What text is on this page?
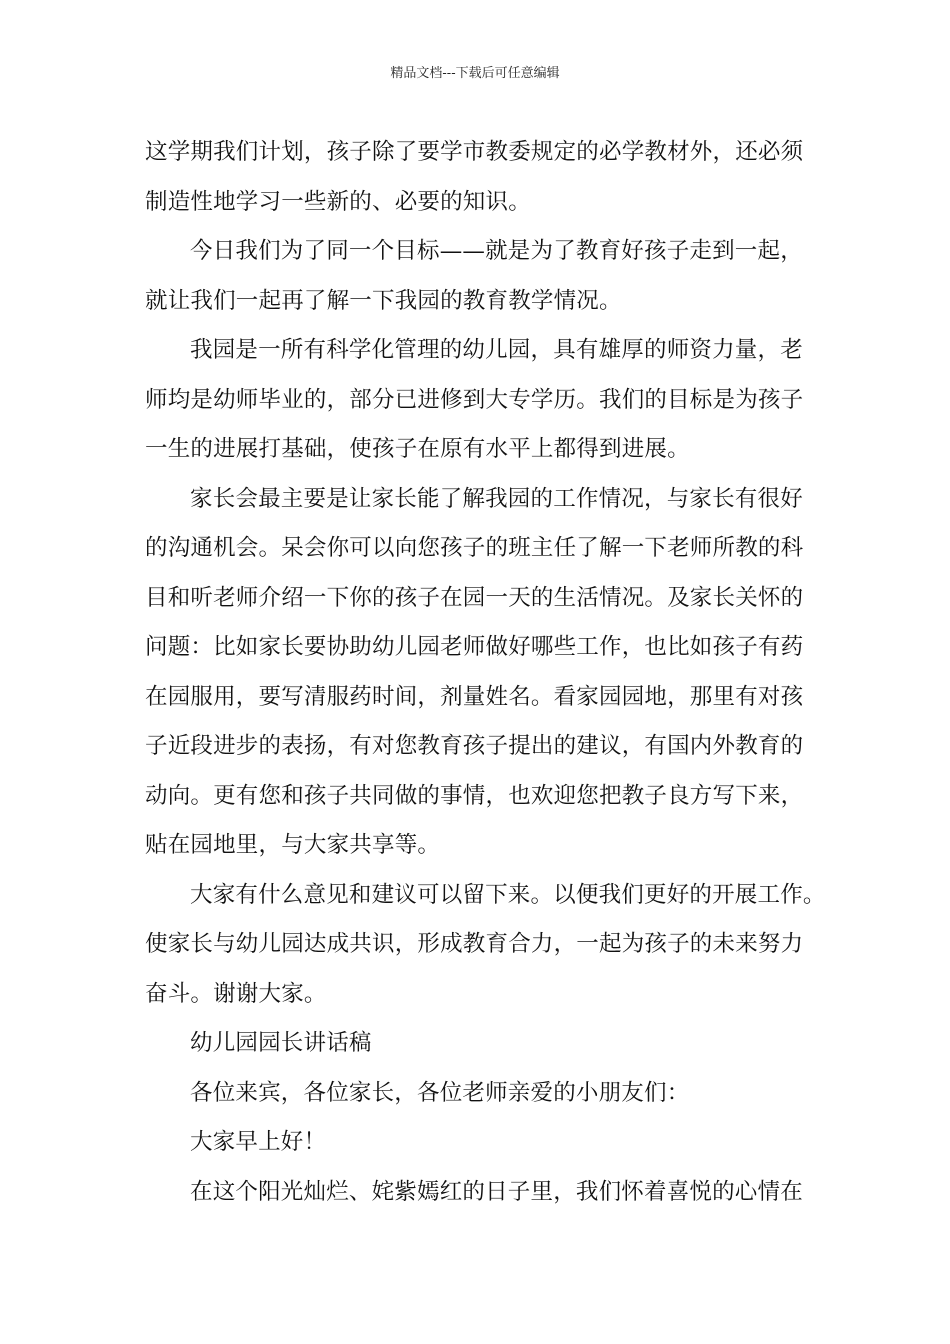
精品文档---下载后可任意编辑
这学期我们计划，孩子除了要学市教委规定的必学教材外，还必须
制造性地学习一些新的、必要的知识。
今日我们为了同一个目标——就是为了教育好孩子走到一起，
就让我们一起再了解一下我园的教育教学情况。
我园是一所有科学化管理的幼儿园，具有雄厚的师资力量，老
师均是幼师毕业的，部分已进修到大专学历。我们的目标是为孩子
一生的进展打基础，使孩子在原有水平上都得到进展。
家长会最主要是让家长能了解我园的工作情况，与家长有很好
的沟通机会。呆会你可以向您孩子的班主任了解一下老师所教的科
目和听老师介绍一下你的孩子在园一天的生活情况。及家长关怀的
问题：比如家长要协助幼儿园老师做好哪些工作，也比如孩子有药
在园服用，要写清服药时间，剂量姓名。看家园园地，那里有对孩
子近段进步的表扬，有对您教育孩子提出的建议，有国内外教育的
动向。更有您和孩子共同做的事情，也欢迎您把教子良方写下来，
贴在园地里，与大家共享等。
大家有什么意见和建议可以留下来。以便我们更好的开展工作。
使家长与幼儿园达成共识，形成教育合力，一起为孩子的未来努力
奋斗。谢谢大家。
幼儿园园长讲话稿
各位来宾，各位家长，各位老师亲爱的小朋友们：
大家早上好！
在这个阳光灿烂、姹紫嫣红的日子里，我们怀着喜悦的心情在
